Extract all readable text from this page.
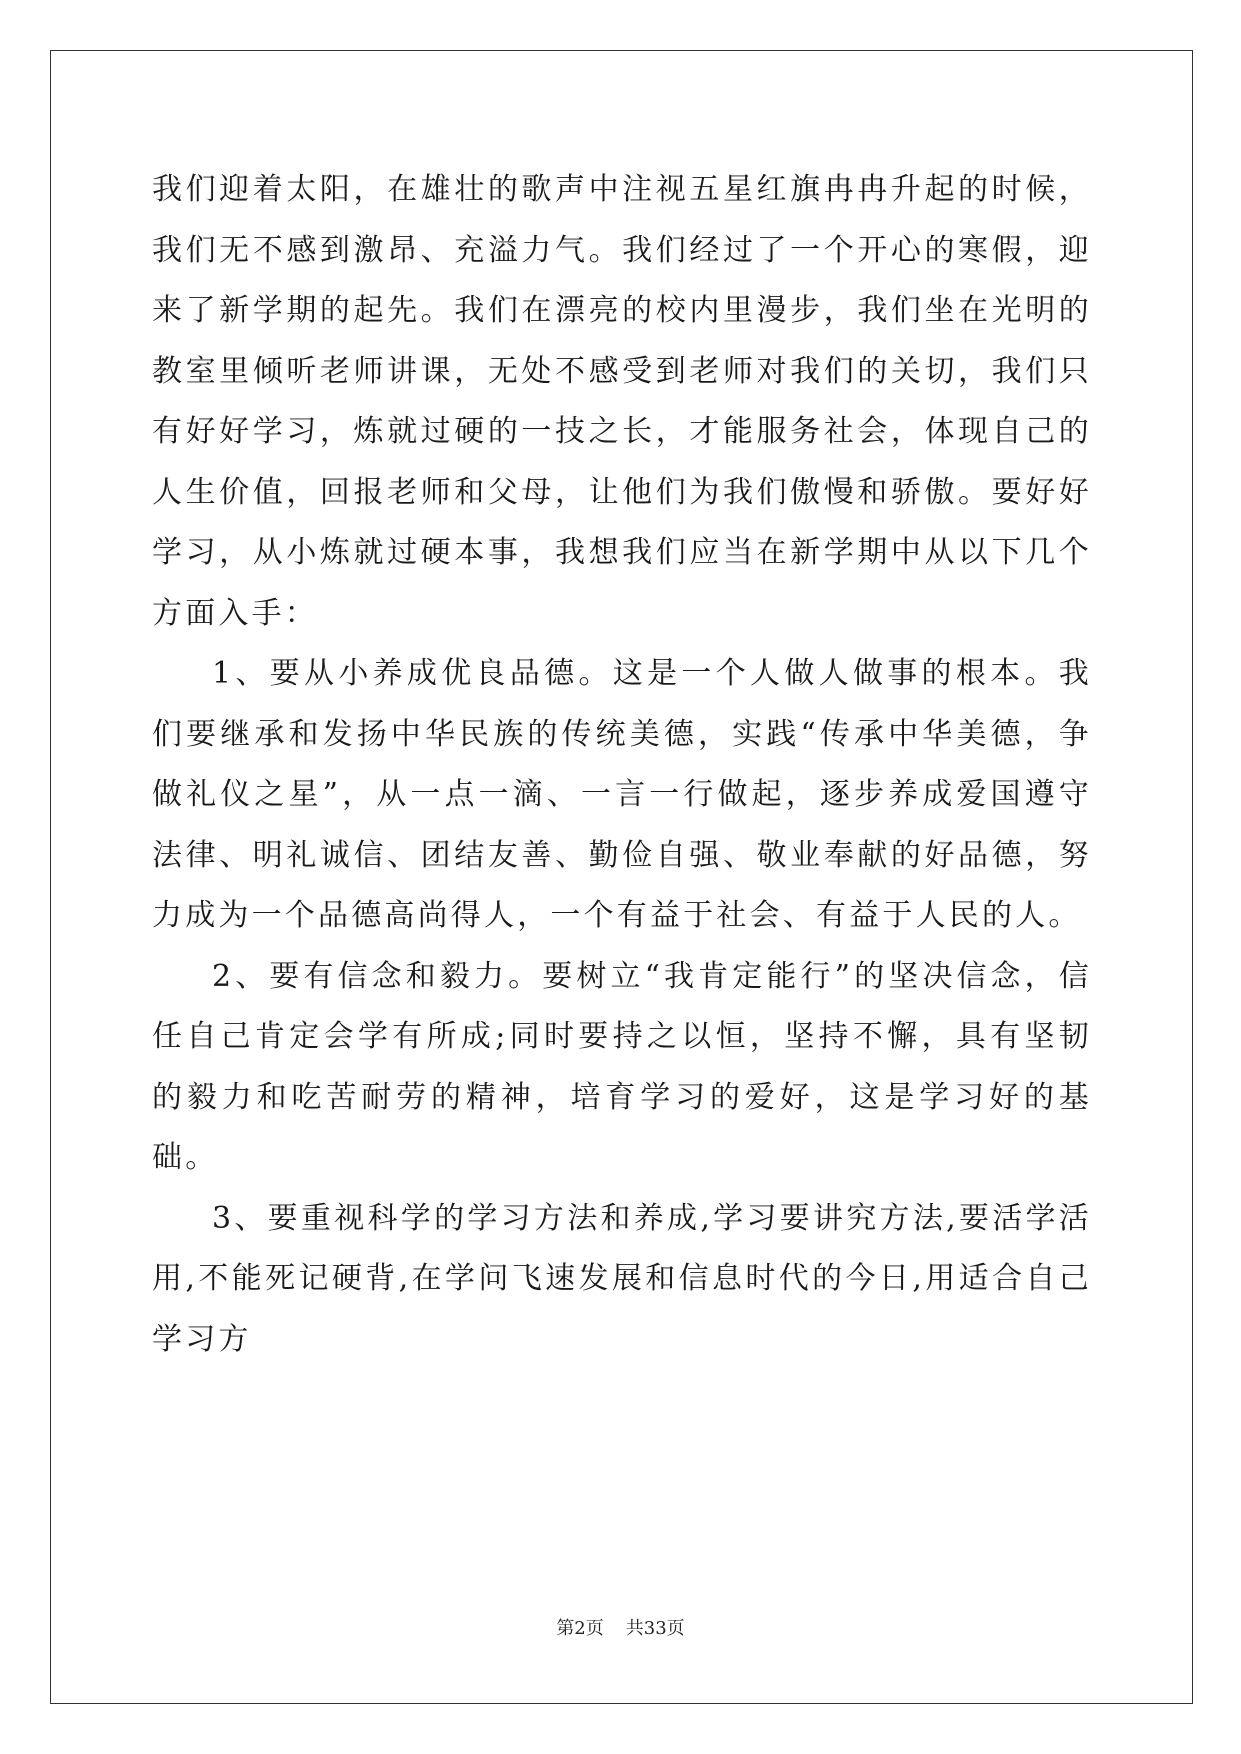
我们迎着太阳，在雄壮的歌声中注视五星红旗冉冉升起的时候，我们无不感到激昂、充溢力气。我们经过了一个开心的寒假，迎来了新学期的起先。我们在漂亮的校内里漫步，我们坐在光明的教室里倾听老师讲课，无处不感受到老师对我们的关切，我们只有好好学习，炼就过硬的一技之长，才能服务社会，体现自己的人生价值，回报老师和父母，让他们为我们傲慢和骄傲。要好好学习，从小炼就过硬本事，我想我们应当在新学期中从以下几个方面入手：

1、要从小养成优良品德。这是一个人做人做事的根本。我们要继承和发扬中华民族的传统美德，实践“传承中华美德，争做礼仪之星”，从一点一滴、一言一行做起，逐步养成爱国遵守法律、明礼诚信、团结友善、勤俭自强、敬业奉献的好品德，努力成为一个品德高尚得人，一个有益于社会、有益于人民的人。

2、要有信念和毅力。要树立“我肯定能行”的坚决信念，信任自己肯定会学有所成;同时要持之以恒，坚持不懈，具有坚韧的毅力和吃苦耐劳的精神，培育学习的爱好，这是学习好的基础。

3、要重视科学的学习方法和养成,学习要讲究方法,要活学活用,不能死记硬背,在学问飞速发展和信息时代的今日,用适合自己学习方

第2页 共33页
